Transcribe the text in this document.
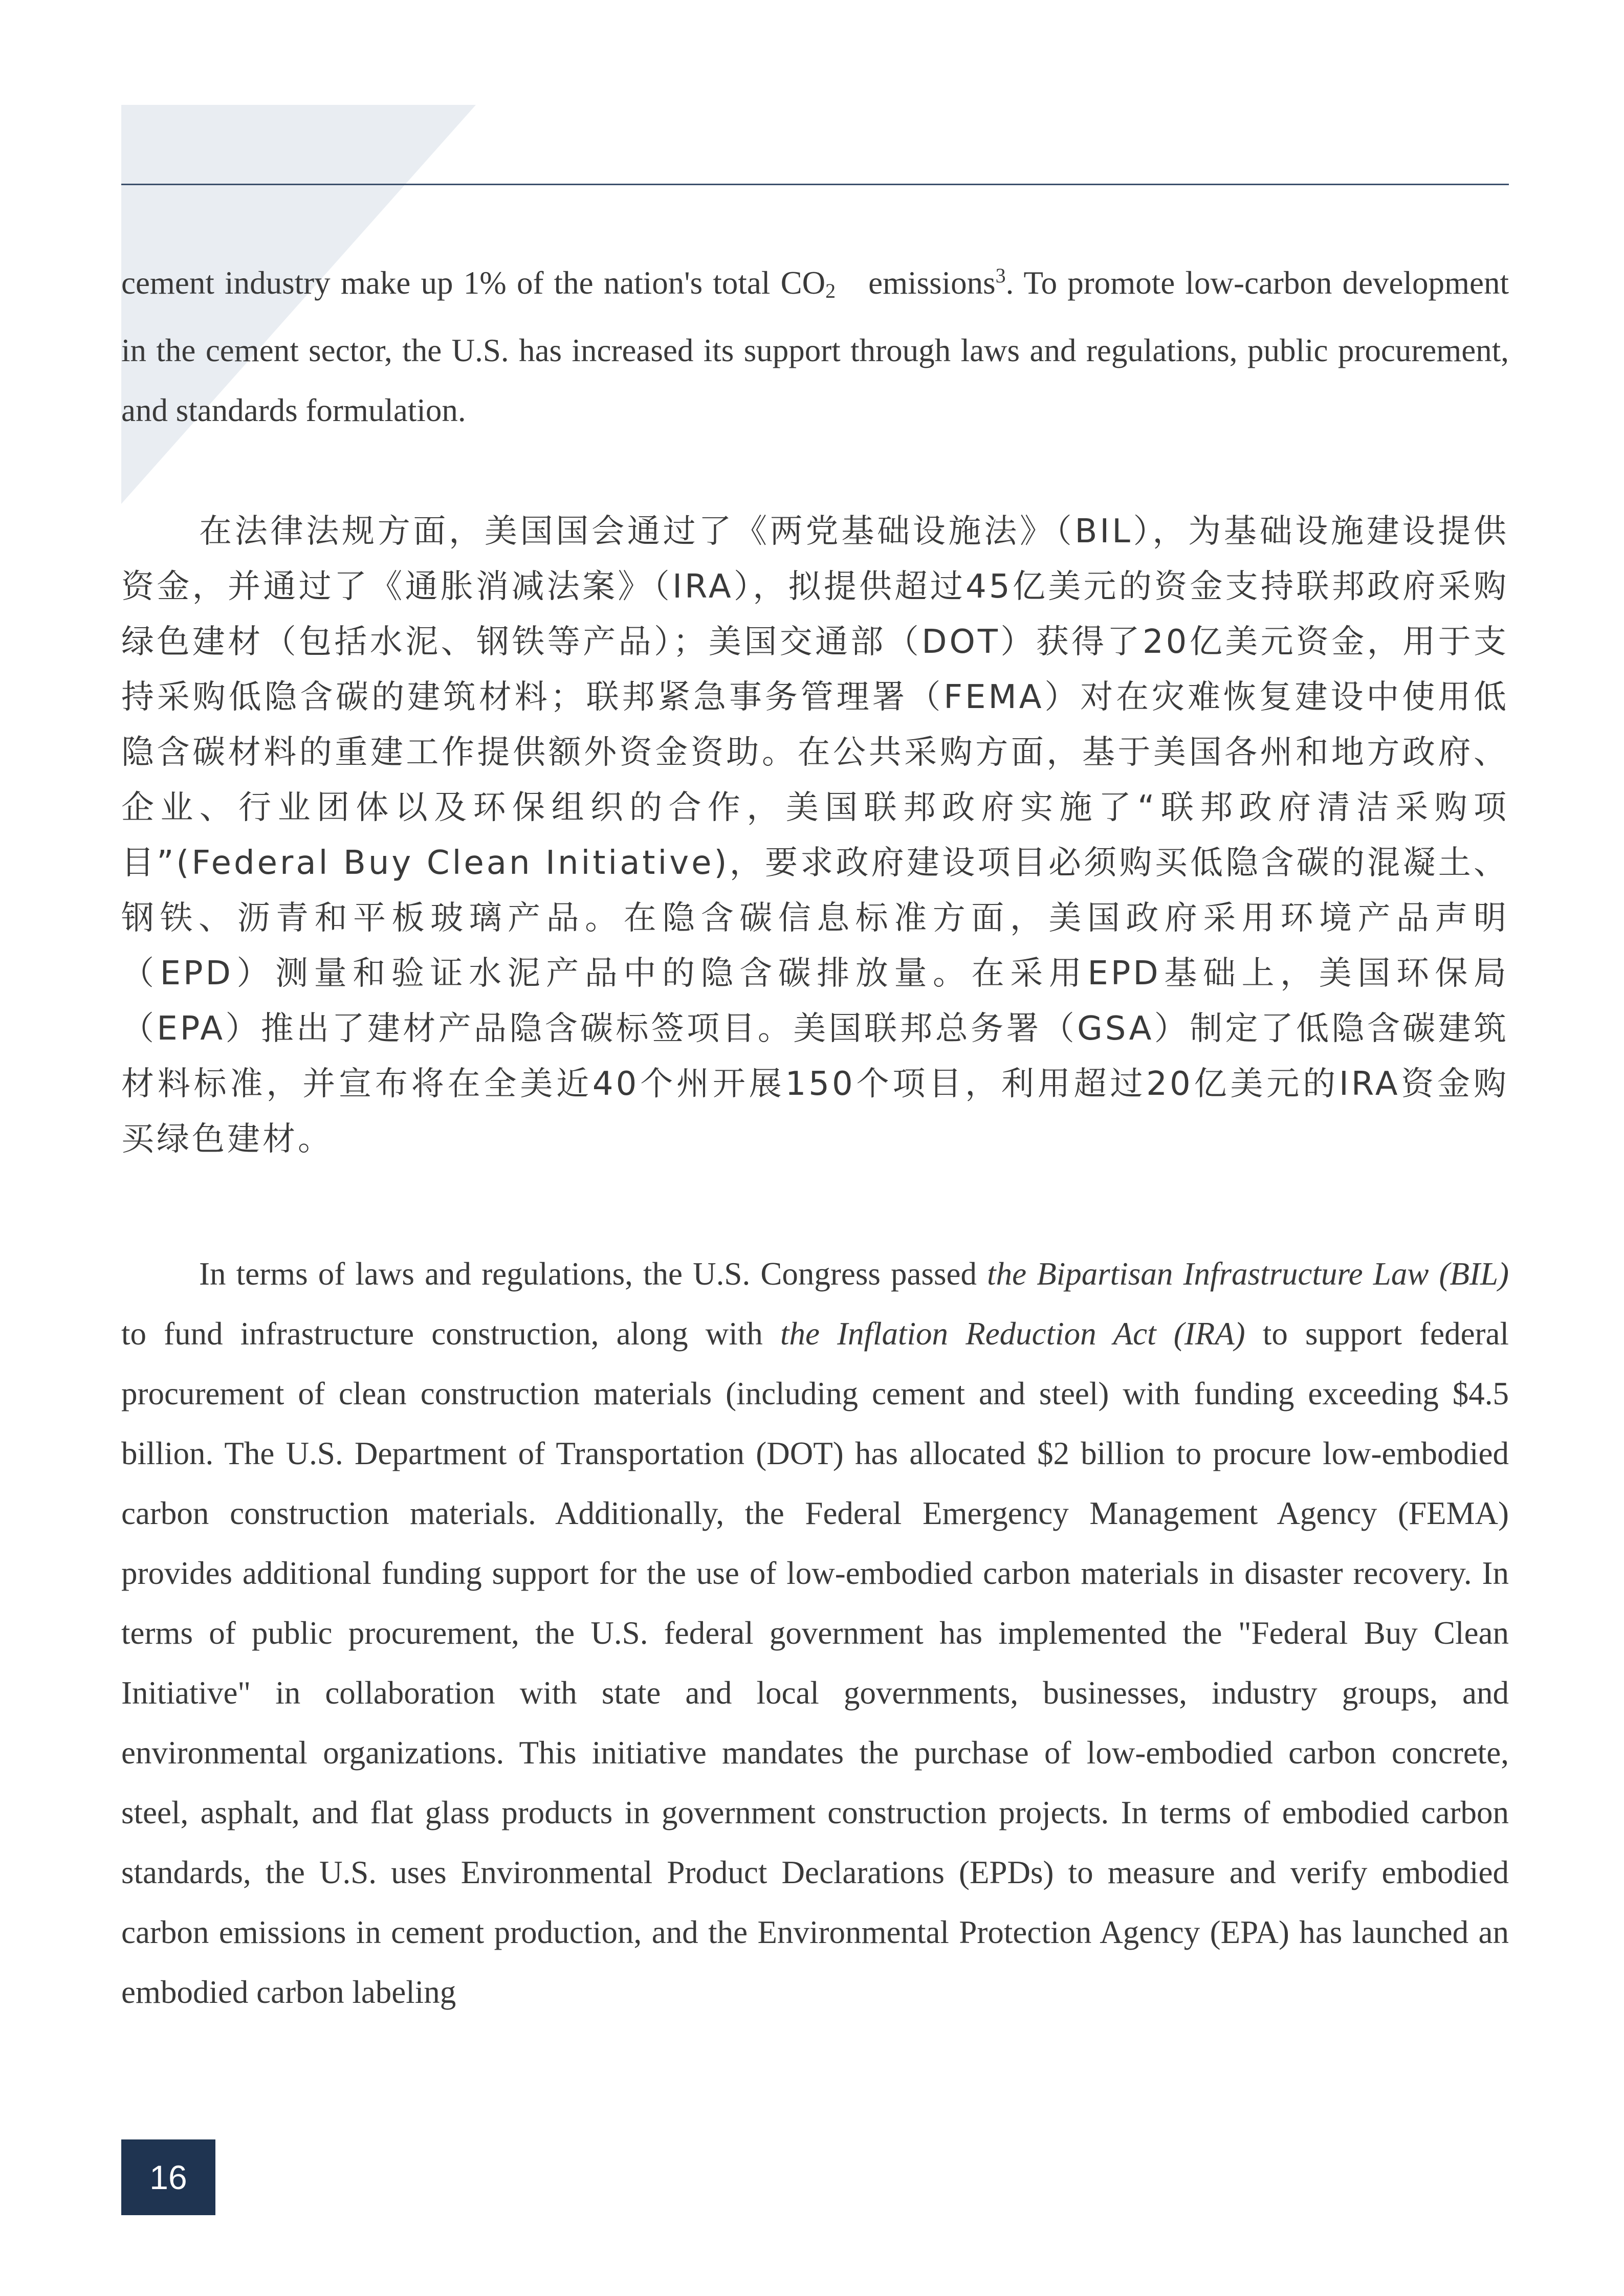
cement industry make up 1% of the nation's total $CO_2$ emissions$^3$. To promote low-carbon development in the cement sector, the U.S. has increased its support through laws and regulations, public procurement, and standards formulation.

在法律法规方面，美国国会通过了《两党基础设施法》（BIL），为基础设施建设提供资金，并通过了《通胀消减法案》（IRA），拟提供超过45亿美元的资金支持联邦政府采购绿色建材（包括水泥、钢铁等产品）；美国交通部（DOT）获得了20亿美元资金，用于支持采购低隐含碳的建筑材料；联邦紧急事务管理署（FEMA）对在灾难恢复建设中使用低隐含碳材料的重建工作提供额外资金资助。在公共采购方面，基于美国各州和地方政府、企业、行业团体以及环保组织的合作，美国联邦政府实施了“联邦政府清洁采购项目”(Federal Buy Clean Initiative)，要求政府建设项目必须购买低隐含碳的混凝土、钢铁、沥青和平板玻璃产品。在隐含碳信息标准方面，美国政府采用环境产品声明（EPD）测量和验证水泥产品中的隐含碳排放量。在采用EPD基础上，美国环保局（EPA）推出了建材产品隐含碳标签项目。美国联邦总务署（GSA）制定了低隐含碳建筑材料标准，并宣布将在全美近40个州开展150个项目，利用超过20亿美元的IRA资金购买绿色建材。

In terms of laws and regulations, the U.S. Congress passed the Bipartisan Infrastructure Law (BIL) to fund infrastructure construction, along with the Inflation Reduction Act (IRA) to support federal procurement of clean construction materials (including cement and steel) with funding exceeding $4.5 billion. The U.S. Department of Transportation (DOT) has allocated $2 billion to procure low-embodied carbon construction materials. Additionally, the Federal Emergency Management Agency (FEMA) provides additional funding support for the use of low-embodied carbon materials in disaster recovery. In terms of public procurement, the U.S. federal government has implemented the "Federal Buy Clean Initiative" in collaboration with state and local governments, businesses, industry groups, and environmental organizations. This initiative mandates the purchase of low-embodied carbon concrete, steel, asphalt, and flat glass products in government construction projects. In terms of embodied carbon standards, the U.S. uses Environmental Product Declarations (EPDs) to measure and verify embodied carbon emissions in cement production, and the Environmental Protection Agency (EPA) has launched an embodied carbon labeling

16
